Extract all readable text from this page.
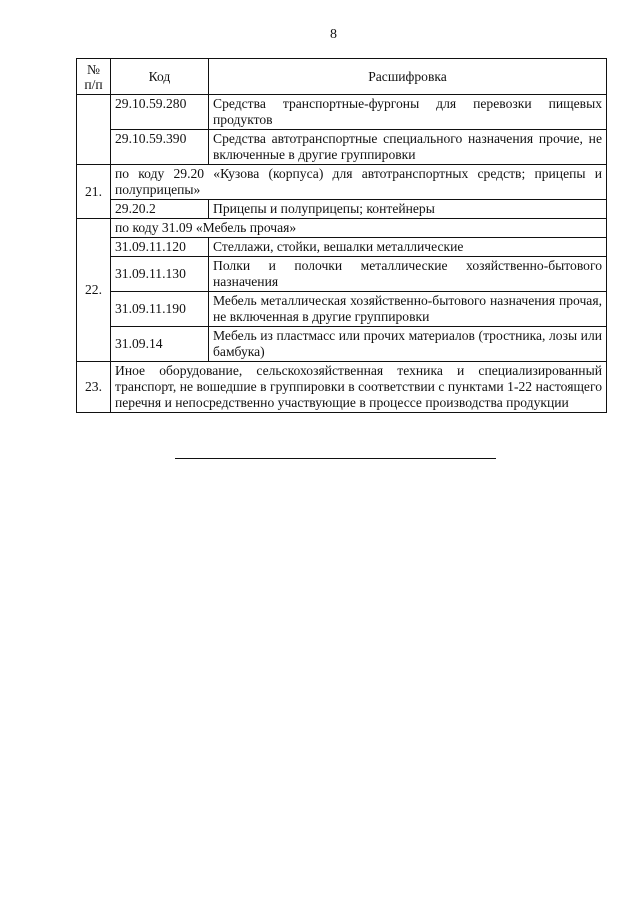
8
№
п/п	Код	Расшифровка
	29.10.59.280	Средства транспортные-фургоны для перевозки пищевых продуктов
	29.10.59.390	Средства автотранспортные специального назначения прочие, не включенные в другие группировки
21.	по коду 29.20 «Кузова (корпуса) для автотранспортных средств; прицепы и полуприцепы»	
	29.20.2	Прицепы и полуприцепы; контейнеры
22.	по коду 31.09 «Мебель прочая»	
	31.09.11.120	Стеллажи, стойки, вешалки металлические
	31.09.11.130	Полки и полочки металлические хозяйственно-бытового назначения
	31.09.11.190	Мебель металлическая хозяйственно-бытового назначения прочая, не включенная в другие группировки
	31.09.14	Мебель из пластмасс или прочих материалов (тростника, лозы или бамбука)
23.	Иное оборудование, сельскохозяйственная техника и специализированный транспорт, не вошедшие в группировки в соответствии с пунктами 1-22 настоящего перечня и непосредственно участвующие в процессе производства продукции	
